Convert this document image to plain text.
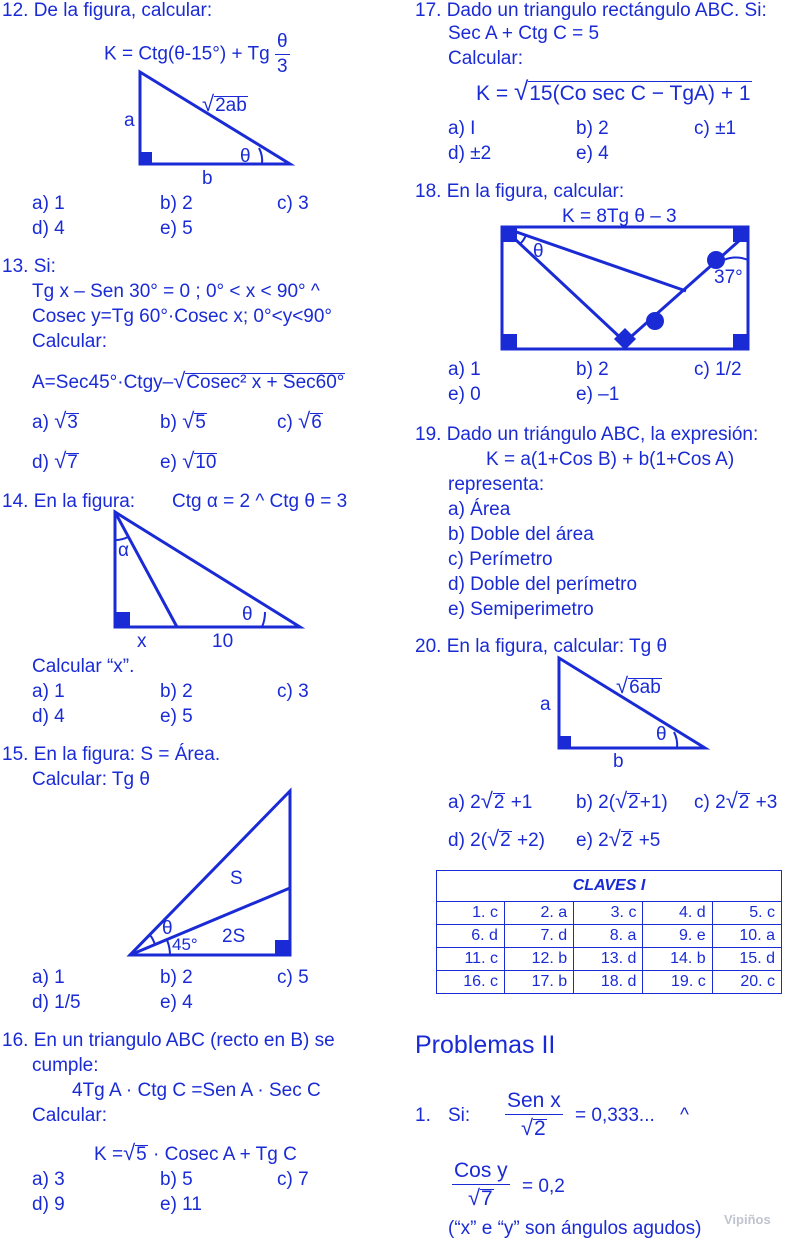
12. De la figura, calcular:
K = Ctg(θ-15°) + Tg $\frac{\theta}{3}$
a
b
θ
√2ab
a) 1	b) 2	c) 3
d) 4	e) 5
13. Si:
Tg x – Sen 30° = 0 ; 0° < x < 90° ^
Cosec y=Tg 60°·Cosec x; 0°<y<90°
Calcular:
A=Sec45°·Ctgy–√Cosec² x + Sec60°
a) √3	b) √5	c) √6
d) √7	e) √10
14. En la figura: Ctg α = 2 ^ Ctg θ = 3
α
θ
x	10
Calcular “x”.
a) 1	b) 2	c) 3
d) 4	e) 5
15. En la figura: S = Área.
Calcular: Tg θ
S
2S
θ
45°
a) 1	b) 2	c) 5
d) 1/5	e) 4
16. En un triangulo ABC (recto en B) se
cumple:
4Tg A · Ctg C =Sen A · Sec C
Calcular:
K =√5 · Cosec A + Tg C
a) 3	b) 5	c) 7
d) 9	e) 11
17. Dado un triangulo rectángulo ABC. Si:
Sec A + Ctg C = 5
Calcular:
K = √15(Co sec C − TgA) + 1
a) I	b) 2	c) ±1
d) ±2	e) 4
18. En la figura, calcular:
K = 8Tg θ – 3
θ
37°
a) 1	b) 2	c) 1/2
e) 0	e) –1
19. Dado un triángulo ABC, la expresión:
K = a(1+Cos B) + b(1+Cos A)
representa:
a) Área
b) Doble del área
c) Perímetro
d) Doble del perímetro
e) Semiperimetro
20. En la figura, calcular: Tg θ
a
b
θ
√6ab
a) 2√2 +1 b) 2(√2+1) c) 2√2 +3
d) 2(√2 +2) e) 2√2 +5
CLAVES I				
1. c	2. a	3. c	4. d	5. c
6. d	7. d	8. a	9. e	10. a
11. c	12. b	13. d	14. b	15. d
16. c	17. b	18. d	19. c	20. c
Problemas II
1. Si:
Sen x
√2
= 0,333... ^
Cos y
√7
= 0,2
(“x” e “y” son ángulos agudos) Vipiños
